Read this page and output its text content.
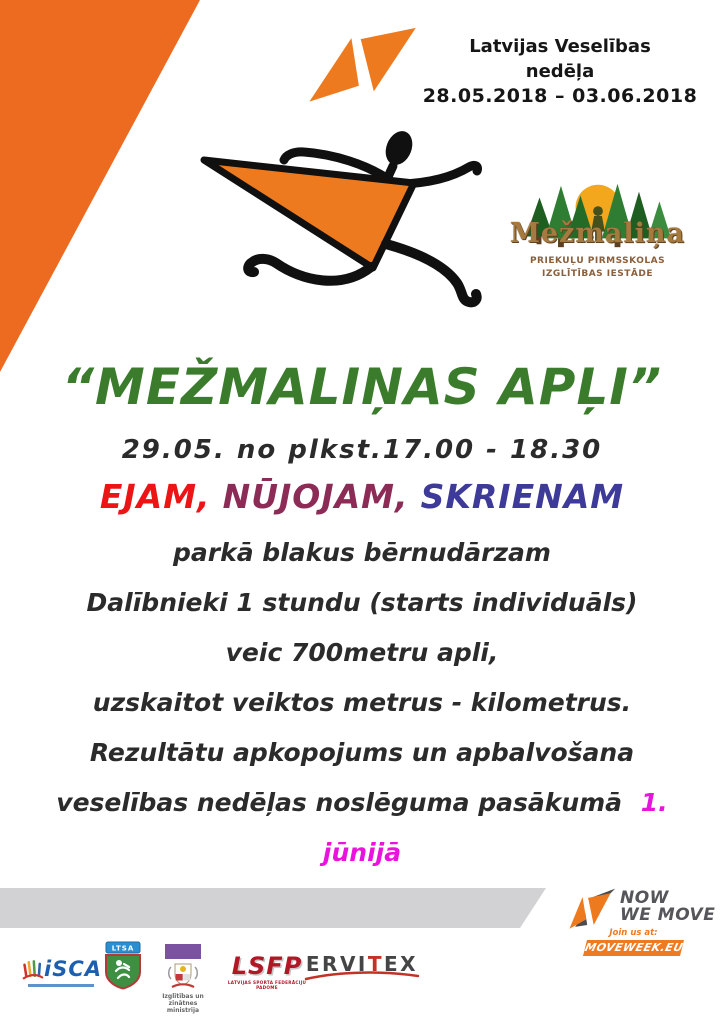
Latvijas Veselības
nedēļa
28.05.2018 – 03.06.2018
Mežmaliņa
PRIEKUĻU PIRMSSKOLAS
IZGLĪTĪBAS IESTĀDE
“MEŽMALIŅAS APĻI”
29.05. no plkst.17.00 - 18.30
EJAM, NŪJOJAM, SKRIENAM
parkā blakus bērnudārzam
Dalībnieki 1 stundu (starts individuāls)
veic 700metru apli,
uzskaitot veiktos metrus - kilometrus.
Rezultātu apkopojums un apbalvošana
veselības nedēļas noslēguma pasākumā 1.
jūnijā
NOW
WE MOVE
Join us at:
MOVEWEEK.EU
iSCA
LTSA
Izglītības un zinātnes
ministrija
LSFP
LATVIJAS SPORTA FEDERĀCIJU PADOME
ERVITEX
